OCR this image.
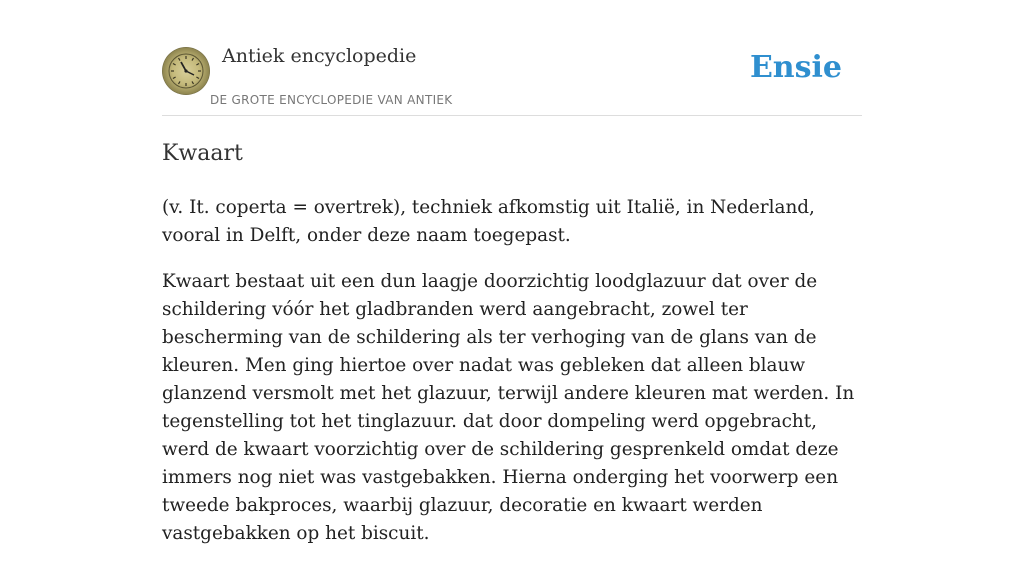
Antiek encyclopedie
DE GROTE ENCYCLOPEDIE VAN ANTIEK
Ensie
Kwaart

(v. It. coperta = overtrek), techniek afkomstig uit Italië, in Nederland, vooral in Delft, onder deze naam toegepast.

Kwaart bestaat uit een dun laagje doorzichtig loodglazuur dat over de schildering vóór het gladbranden werd aangebracht, zowel ter bescherming van de schildering als ter verhoging van de glans van de kleuren. Men ging hiertoe over nadat was gebleken dat alleen blauw glanzend versmolt met het glazuur, terwijl andere kleuren mat werden. In tegenstelling tot het tinglazuur. dat door dompeling werd opgebracht, werd de kwaart voorzichtig over de schildering gesprenkeld omdat deze immers nog niet was vastgebakken. Hierna onderging het voorwerp een tweede bakproces, waarbij glazuur, decoratie en kwaart werden vastgebakken op het biscuit.
